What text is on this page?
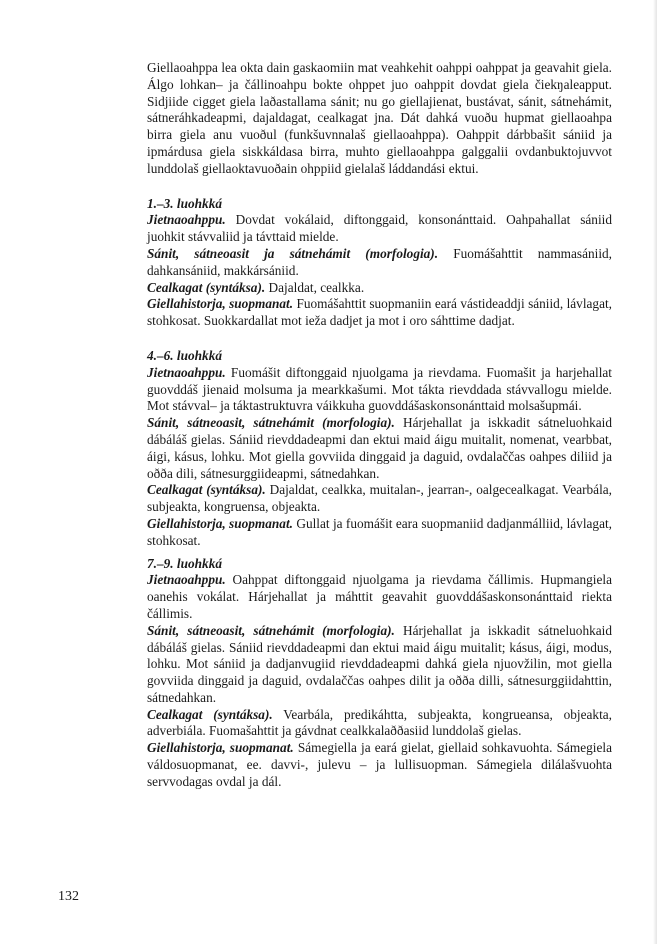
Giellaoahppa lea okta dain gaskaomiin mat veahkehit oahppi oahppat ja geavahit giela. Álgo lohkan– ja čállinoahpu bokte ohppet juo oahppit dovdat giela čiekŋaleapput. Sidjiide cigget giela laðastallama sánit; nu go giellajienat, bustávat, sánit, sátnehámit, sátneráhkadeapmi, dajaldagat, cealkagat jna. Dát dahká vuoðu hupmat giellaoahpa birra giela anu vuoðul (funkšuvnnalaš giellaoahppa). Oahppit dárbbašit sániid ja ipmárdusa giela siskkáldasa birra, muhto giellaoahppa galggalii ovdanbuktojuvvot lunddolaš giellaoktavuoðain ohppiid gielalaš láddandási ektui.

1.–3. luohkká

Jietnaoahppu. Dovdat vokálaid, diftonggaid, konsonánttaid. Oahpahallat sániid juohkit stávvaliid ja távttaid mielde.

Sánit, sátneoasit ja sátnehámit (morfologia). Fuomášahttit nammasániid, dahkansániid, makkársániid.

Cealkagat (syntáksa). Dajaldat, cealkka.

Giellahistorja, suopmanat. Fuomášahttit suopmaniin eará vástideaddji sániid, lávlagat, stohkosat. Suokkardallat mot ieža dadjet ja mot i oro sáhttime dadjat.

4.–6. luohkká

Jietnaoahppu. Fuomášit diftonggaid njuolgama ja rievdama. Fuomašit ja harjehallat guovddáš jienaid molsuma ja mearkkašumi. Mot tákta rievddada stávvallogu mielde. Mot stávval– ja táktastruktuvra váikkuha guovddášaskonsonánttaid molsašupmái.

Sánit, sátneoasit, sátnehámit (morfologia). Hárjehallat ja iskkadit sátneluohkaid dábáláš gielas. Sániid rievddadeapmi dan ektui maid áigu muitalit, nomenat, vearbbat, áigi, kásus, lohku. Mot giella govviida dinggaid ja daguid, ovdalaččas oahpes diliid ja oððа dili, sátnesurggiideapmi, sátnedahkan.

Cealkagat (syntáksa). Dajaldat, cealkka, muitalan-, jearran-, oalgecealkagat. Vearbála, subjeakta, kongruensa, objeakta.

Giellahistorja, suopmanat. Gullat ja fuomášit eara suopmaniid dadjanmálliid, lávlagat, stohkosat.

7.–9. luohkká

Jietnaoahppu. Oahppat diftonggaid njuolgama ja rievdama čállimis. Hupmangiela oanehis vokálat. Hárjehallat ja máhttit geavahit guovddášaskonsonánttaid riekta čállimis.

Sánit, sátneoasit, sátnehámit (morfologia). Hárjehallat ja iskkadit sátneluohkaid dábáláš gielas. Sániid rievddadeapmi dan ektui maid áigu muitalit; kásus, áigi, modus, lohku. Mot sániid ja dadjanvugiid rievddadeapmi dahká giela njuovžilin, mot giella govviida dinggaid ja daguid, ovdalaččas oahpes dilit ja oððа dilli, sátnesurggiidahttin, sátnedahkan.

Cealkagat (syntáksa). Vearbála, predikáhtta, subjeakta, kongrueansa, objeakta, adverbiála. Fuomašahttit ja gávdnat cealkkalaððasiid lunddolaš gielas.

Giellahistorja, suopmanat. Sámegiella ja eará gielat, giellaid sohkavuohta. Sámegiela váldosuopmanat, ee. davvi-, julevu – ja lullisuopman. Sámegiela dilálašvuohta servvodagas ovdal ja dál.

132
